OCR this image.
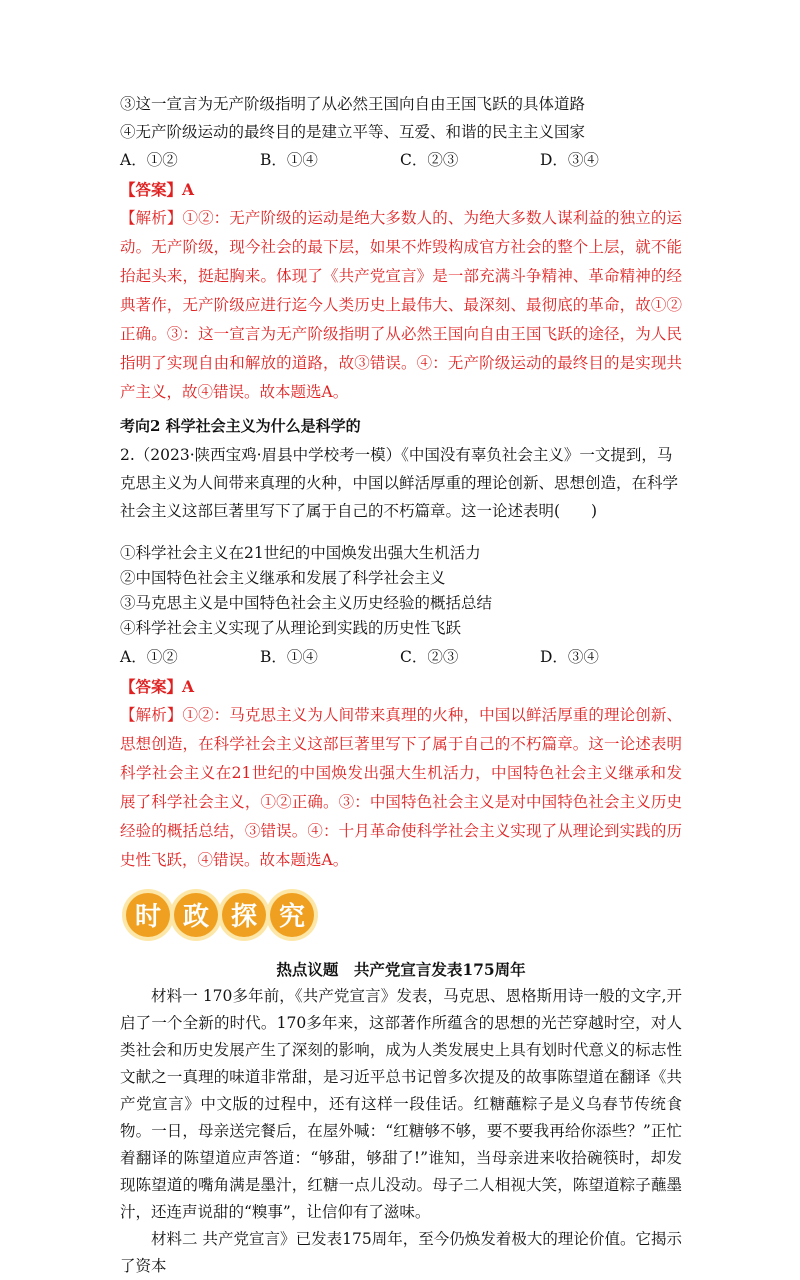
③这一宣言为无产阶级指明了从必然王国向自由王国飞跃的具体道路

④无产阶级运动的最终目的是建立平等、互爱、和谐的民主主义国家

A．①②	B．①④	C．②③	D．③④

【答案】A

【解析】①②：无产阶级的运动是绝大多数人的、为绝大多数人谋利益的独立的运动。无产阶级，现今社会的最下层，如果不炸毁构成官方社会的整个上层，就不能抬起头来，挺起胸来。体现了《共产党宣言》是一部充满斗争精神、革命精神的经典著作，无产阶级应进行迄今人类历史上最伟大、最深刻、最彻底的革命，故①②正确。③：这一宣言为无产阶级指明了从必然王国向自由王国飞跃的途径，为人民指明了实现自由和解放的道路，故③错误。④：无产阶级运动的最终目的是实现共产主义，故④错误。故本题选A。

考向2 科学社会主义为什么是科学的

2.（2023·陕西宝鸡·眉县中学校考一模）《中国没有辜负社会主义》一文提到，马克思主义为人间带来真理的火种，中国以鲜活厚重的理论创新、思想创造，在科学社会主义这部巨著里写下了属于自己的不朽篇章。这一论述表明(　　)

①科学社会主义在21世纪的中国焕发出强大生机活力
②中国特色社会主义继承和发展了科学社会主义
③马克思主义是中国特色社会主义历史经验的概括总结
④科学社会主义实现了从理论到实践的历史性飞跃
A．①②	B．①④	C．②③	D．③④

【答案】A

【解析】①②：马克思主义为人间带来真理的火种，中国以鲜活厚重的理论创新、思想创造，在科学社会主义这部巨著里写下了属于自己的不朽篇章。这一论述表明科学社会主义在21世纪的中国焕发出强大生机活力，中国特色社会主义继承和发展了科学社会主义，①②正确。③：中国特色社会主义是对中国特色社会主义历史经验的概括总结，③错误。④：十月革命使科学社会主义实现了从理论到实践的历史性飞跃，④错误。故本题选A。

时 政 探 究
热点议题　共产党宣言发表175周年

材料一 170多年前，《共产党宣言》发表，马克思、恩格斯用诗一般的文字,开启了一个全新的时代。170多年来，这部著作所蕴含的思想的光芒穿越时空，对人类社会和历史发展产生了深刻的影响，成为人类发展史上具有划时代意义的标志性文献之一真理的味道非常甜，是习近平总书记曾多次提及的故事陈望道在翻译《共产党宣言》中文版的过程中，还有这样一段佳话。红糖蘸粽子是义乌春节传统食物。一日，母亲送完餐后，在屋外喊：“红糖够不够，要不要我再给你添些？”正忙着翻译的陈望道应声答道：“够甜，够甜了!”谁知，当母亲进来收拾碗筷时，却发现陈望道的嘴角满是墨汁，红糖一点儿没动。母子二人相视大笑，陈望道粽子蘸墨汁，还连声说甜的“糗事”，让信仰有了滋味。

材料二 共产党宣言》已发表175周年，至今仍焕发着极大的理论价值。它揭示了资本
